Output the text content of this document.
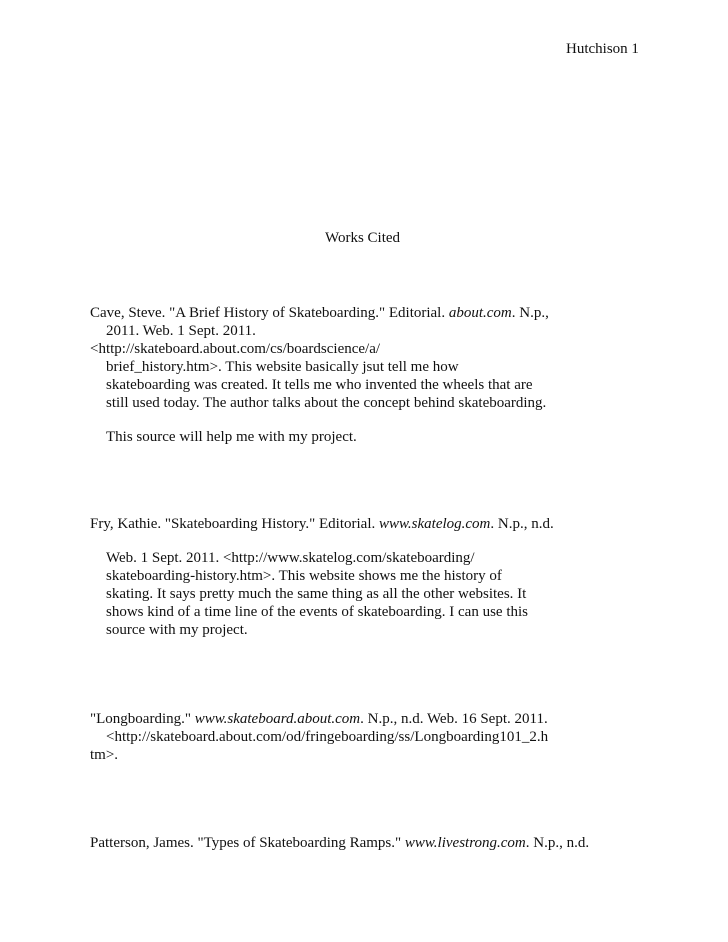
Hutchison 1
Works Cited
Cave, Steve. "A Brief History of Skateboarding." Editorial. about.com. N.p.,
2011. Web. 1 Sept. 2011.
<http://skateboard.about.com/cs/boardscience/a/
brief_history.htm>. This website basically jsut tell me how
skateboarding was created. It tells me who invented the wheels that are
still used today. The author talks about the concept behind skateboarding.
This source will help me with my project.
Fry, Kathie. "Skateboarding History." Editorial. www.skatelog.com. N.p., n.d.
Web. 1 Sept. 2011. <http://www.skatelog.com/skateboarding/
skateboarding-history.htm>. This website shows me the history of
skating. It says pretty much the same thing as all the other websites. It
shows kind of a time line of the events of skateboarding. I can use this
source with my project.
"Longboarding." www.skateboard.about.com. N.p., n.d. Web. 16 Sept. 2011.
<http://skateboard.about.com/od/fringeboarding/ss/Longboarding101_2.h
tm>.
Patterson, James. "Types of Skateboarding Ramps." www.livestrong.com. N.p., n.d.
